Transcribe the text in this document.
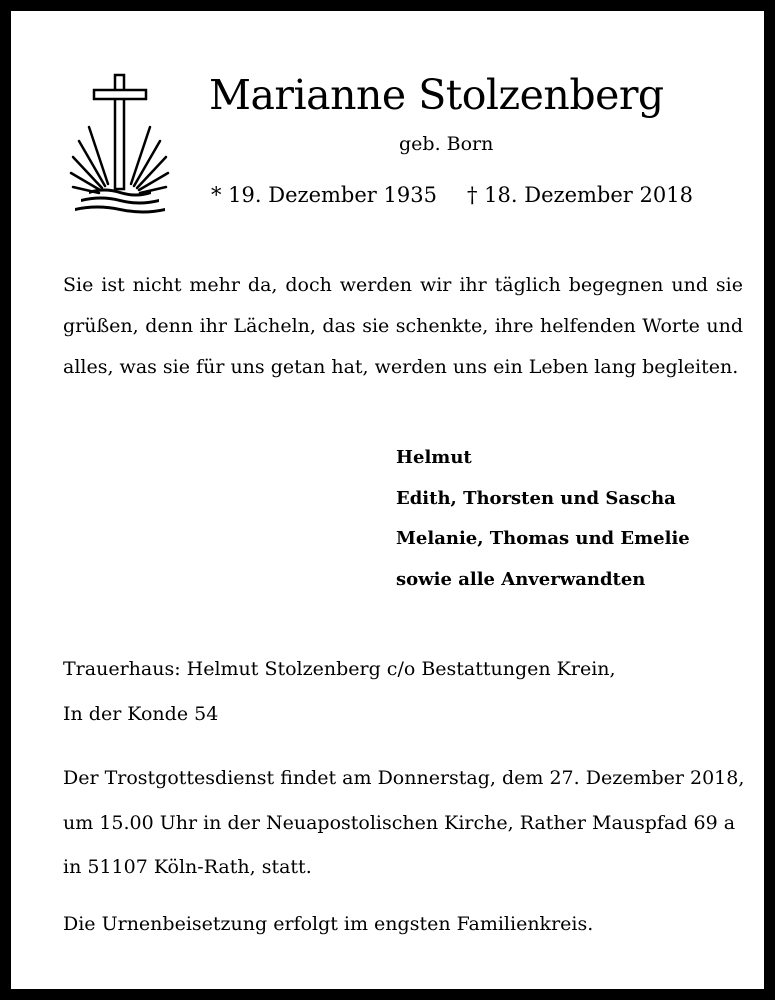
Marianne Stolzenberg
geb. Born
* 19. Dezember 1935 † 18. Dezember 2018
Sie ist nicht mehr da, doch werden wir ihr täglich begegnen und sie
grüßen, denn ihr Lächeln, das sie schenkte, ihre helfenden Worte und
alles, was sie für uns getan hat, werden uns ein Leben lang begleiten.
Helmut
Edith, Thorsten und Sascha
Melanie, Thomas und Emelie
sowie alle Anverwandten
Trauerhaus: Helmut Stolzenberg c/o Bestattungen Krein,
In der Konde 54
Der Trostgottesdienst findet am Donnerstag, dem 27. Dezember 2018,
um 15.00 Uhr in der Neuapostolischen Kirche, Rather Mauspfad 69 a
in 51107 Köln-Rath, statt.
Die Urnenbeisetzung erfolgt im engsten Familienkreis.
